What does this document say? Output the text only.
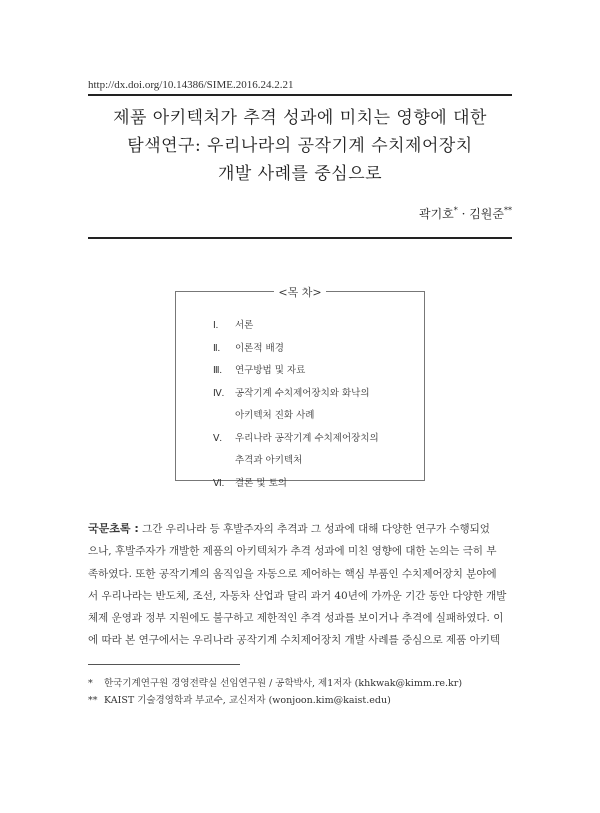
http://dx.doi.org/10.14386/SIME.2016.24.2.21
제품 아키텍처가 추격 성과에 미치는 영향에 대한
탐색연구: 우리나라의 공작기계 수치제어장치
개발 사례를 중심으로
곽기호* · 김원준**
<목 차>
Ⅰ. 서론
Ⅱ. 이론적 배경
Ⅲ. 연구방법 및 자료
Ⅳ. 공작기계 수치제어장치와 화낙의
아키텍처 진화 사례
Ⅴ. 우리나라 공작기계 수치제어장치의
추격과 아키텍처
Ⅵ. 결론 및 토의
국문초록 : 그간 우리나라 등 후발주자의 추격과 그 성과에 대해 다양한 연구가 수행되었
으나, 후발주자가 개발한 제품의 아키텍처가 추격 성과에 미친 영향에 대한 논의는 극히 부
족하였다. 또한 공작기계의 움직임을 자동으로 제어하는 핵심 부품인 수치제어장치 분야에
서 우리나라는 반도체, 조선, 자동차 산업과 달리 과거 40년에 가까운 기간 동안 다양한 개발
체제 운영과 정부 지원에도 불구하고 제한적인 추격 성과를 보이거나 추격에 실패하였다. 이
에 따라 본 연구에서는 우리나라 공작기계 수치제어장치 개발 사례를 중심으로 제품 아키텍
* 한국기계연구원 경영전략실 선임연구원 / 공학박사, 제1저자 (khkwak@kimm.re.kr)
** KAIST 기술경영학과 부교수, 교신저자 (wonjoon.kim@kaist.edu)
